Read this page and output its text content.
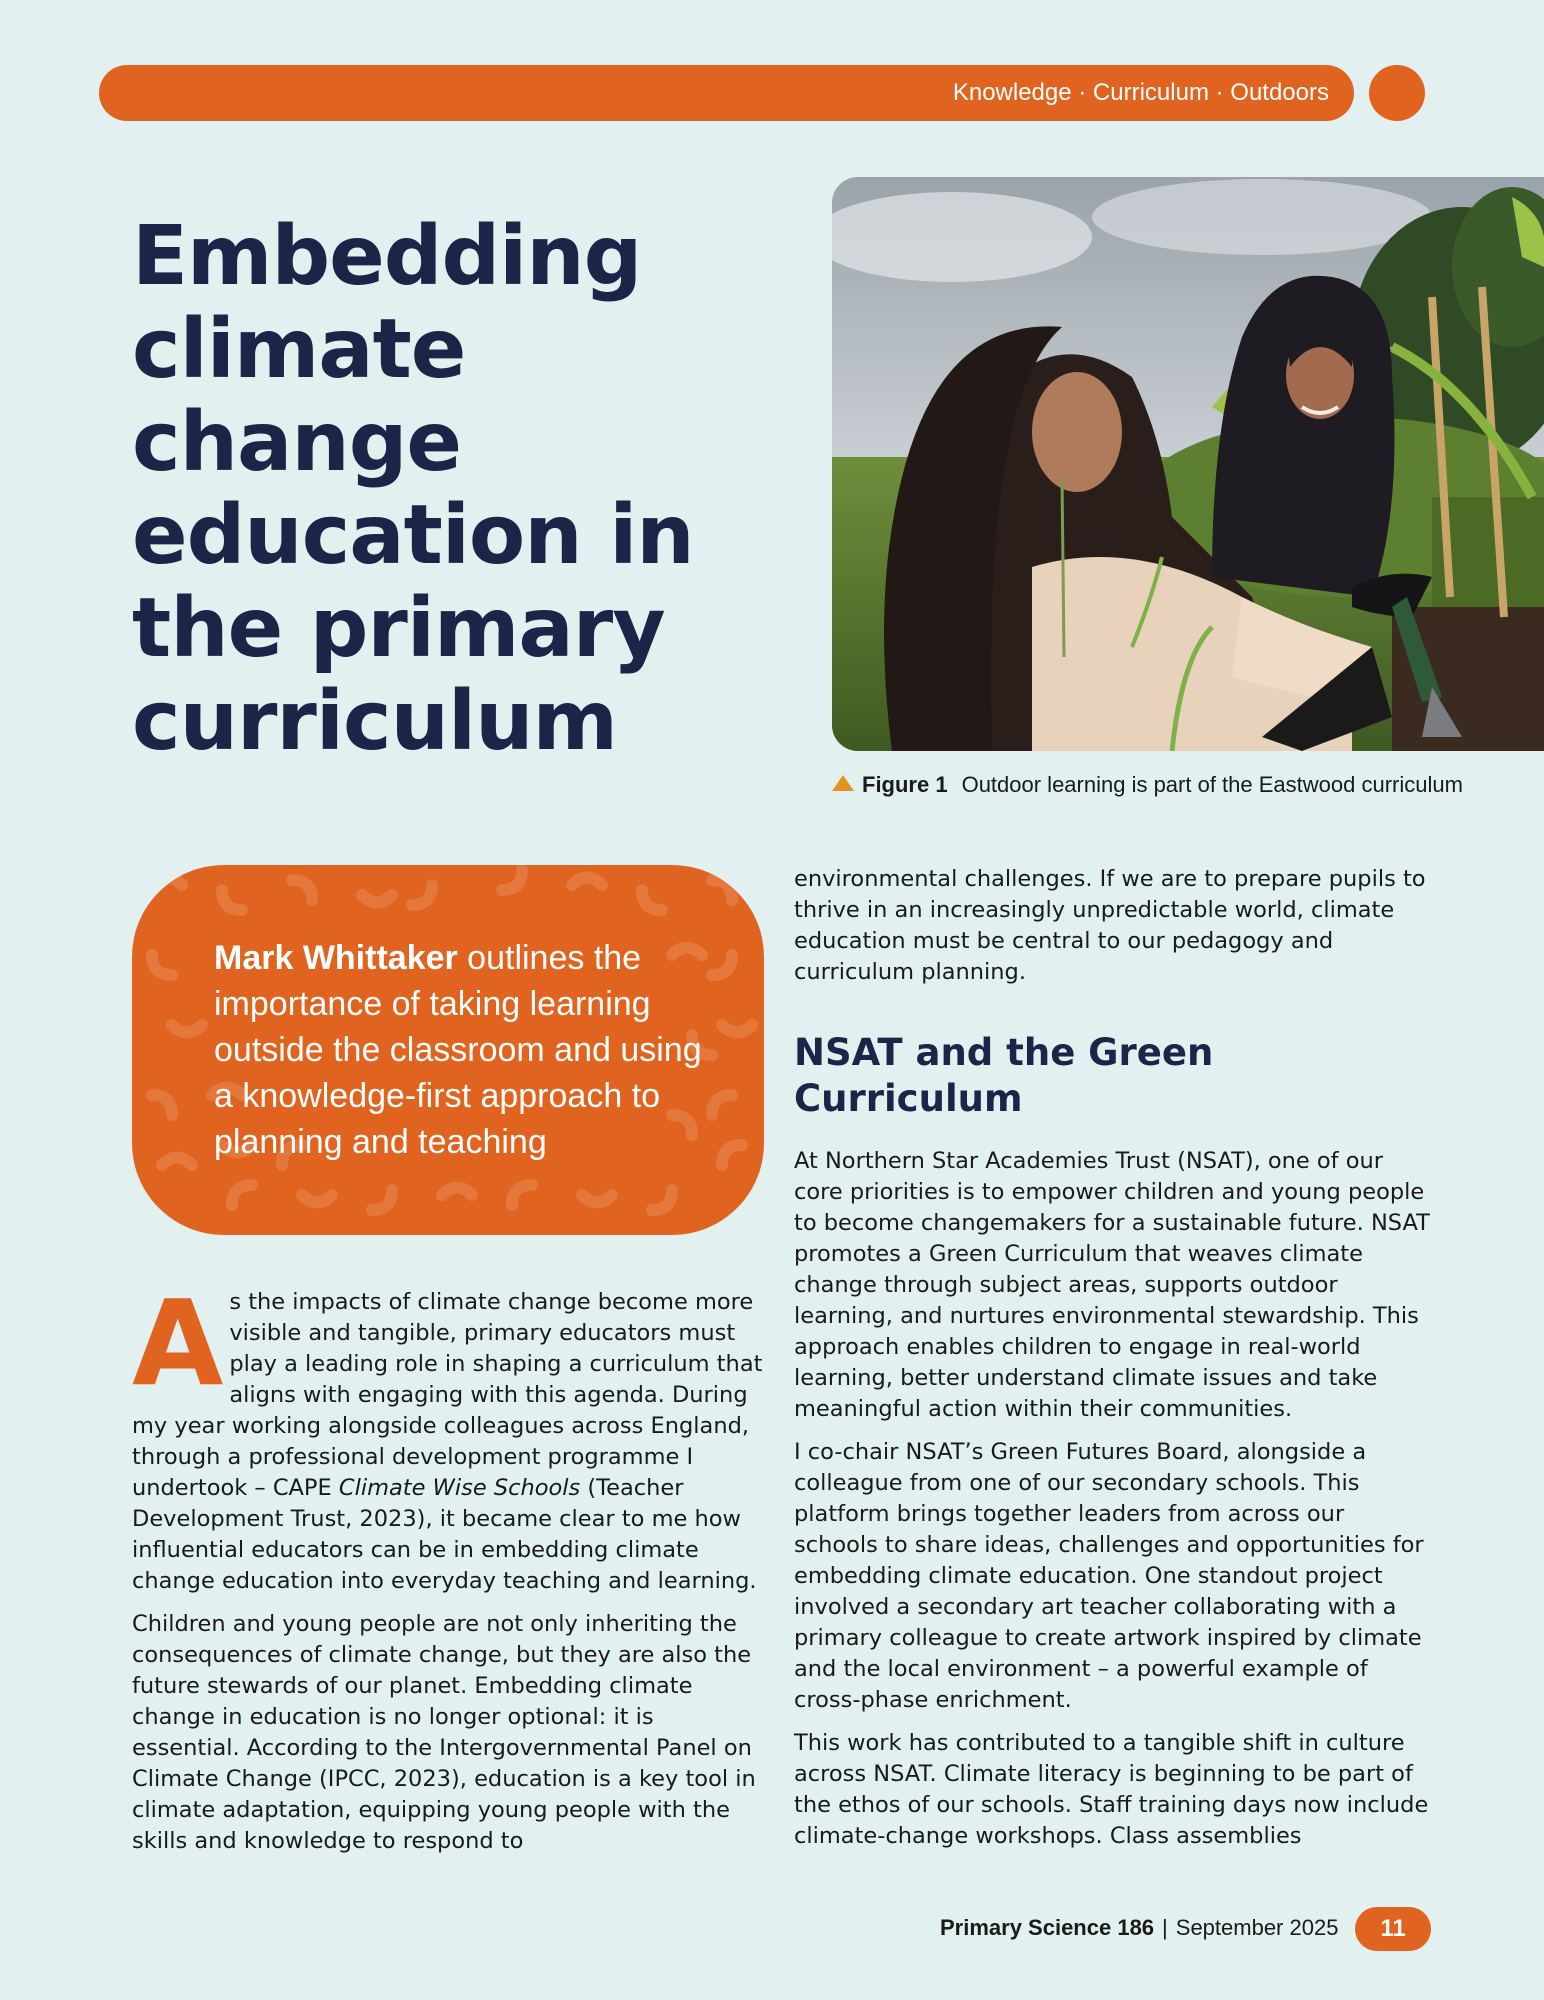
Knowledge · Curriculum · Outdoors
Embedding climate change education in the primary curriculum
Figure 1 Outdoor learning is part of the Eastwood curriculum

Mark Whittaker outlines the importance of taking learning outside the classroom and using a knowledge-first approach to planning and teaching

As the impacts of climate change become more visible and tangible, primary educators must play a leading role in shaping a curriculum that aligns with engaging with this agenda. During my year working alongside colleagues across England, through a professional development programme I undertook – CAPE Climate Wise Schools (Teacher Development Trust, 2023), it became clear to me how influential educators can be in embedding climate change education into everyday teaching and learning.

Children and young people are not only inheriting the consequences of climate change, but they are also the future stewards of our planet. Embedding climate change in education is no longer optional: it is essential. According to the Intergovernmental Panel on Climate Change (IPCC, 2023), education is a key tool in climate adaptation, equipping young people with the skills and knowledge to respond to

environmental challenges. If we are to prepare pupils to thrive in an increasingly unpredictable world, climate education must be central to our pedagogy and curriculum planning.

NSAT and the Green Curriculum

At Northern Star Academies Trust (NSAT), one of our core priorities is to empower children and young people to become changemakers for a sustainable future. NSAT promotes a Green Curriculum that weaves climate change through subject areas, supports outdoor learning, and nurtures environmental stewardship. This approach enables children to engage in real-world learning, better understand climate issues and take meaningful action within their communities.

I co-chair NSAT’s Green Futures Board, alongside a colleague from one of our secondary schools. This platform brings together leaders from across our schools to share ideas, challenges and opportunities for embedding climate education. One standout project involved a secondary art teacher collaborating with a primary colleague to create artwork inspired by climate and the local environment – a powerful example of cross-phase enrichment.

This work has contributed to a tangible shift in culture across NSAT. Climate literacy is beginning to be part of the ethos of our schools. Staff training days now include climate-change workshops. Class assemblies

Primary Science 186 | September 2025	11
